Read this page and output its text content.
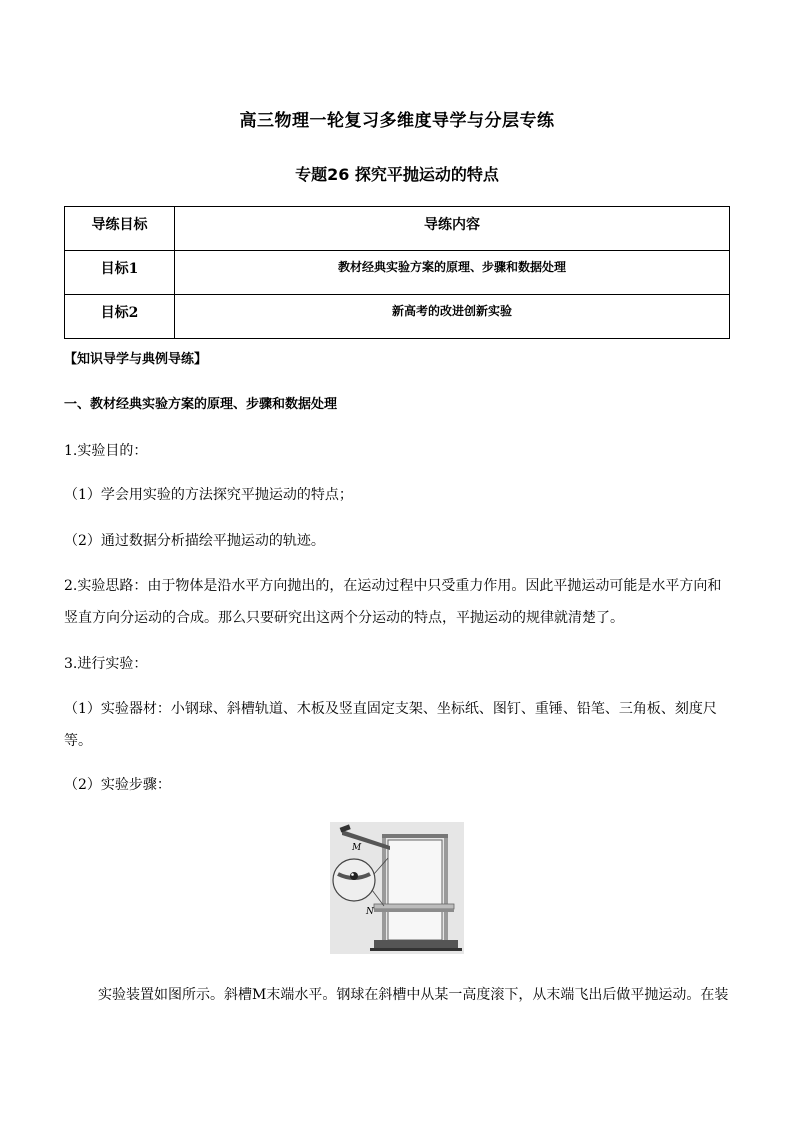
高三物理一轮复习多维度导学与分层专练
专题26 探究平抛运动的特点
导练目标	导练内容
目标1	教材经典实验方案的原理、步骤和数据处理
目标2	新高考的改进创新实验
【知识导学与典例导练】
一、教材经典实验方案的原理、步骤和数据处理
1.实验目的：
（1）学会用实验的方法探究平抛运动的特点；
（2）通过数据分析描绘平抛运动的轨迹。
2.实验思路：由于物体是沿水平方向抛出的，在运动过程中只受重力作用。因此平抛运动可能是水平方向和
竖直方向分运动的合成。那么只要研究出这两个分运动的特点，平抛运动的规律就清楚了。
3.进行实验：
（1）实验器材：小钢球、斜槽轨道、木板及竖直固定支架、坐标纸、图钉、重锤、铅笔、三角板、刻度尺
等。
（2）实验步骤：
M
N
实验装置如图所示。斜槽M末端水平。钢球在斜槽中从某一高度滚下，从末端飞出后做平抛运动。在装
